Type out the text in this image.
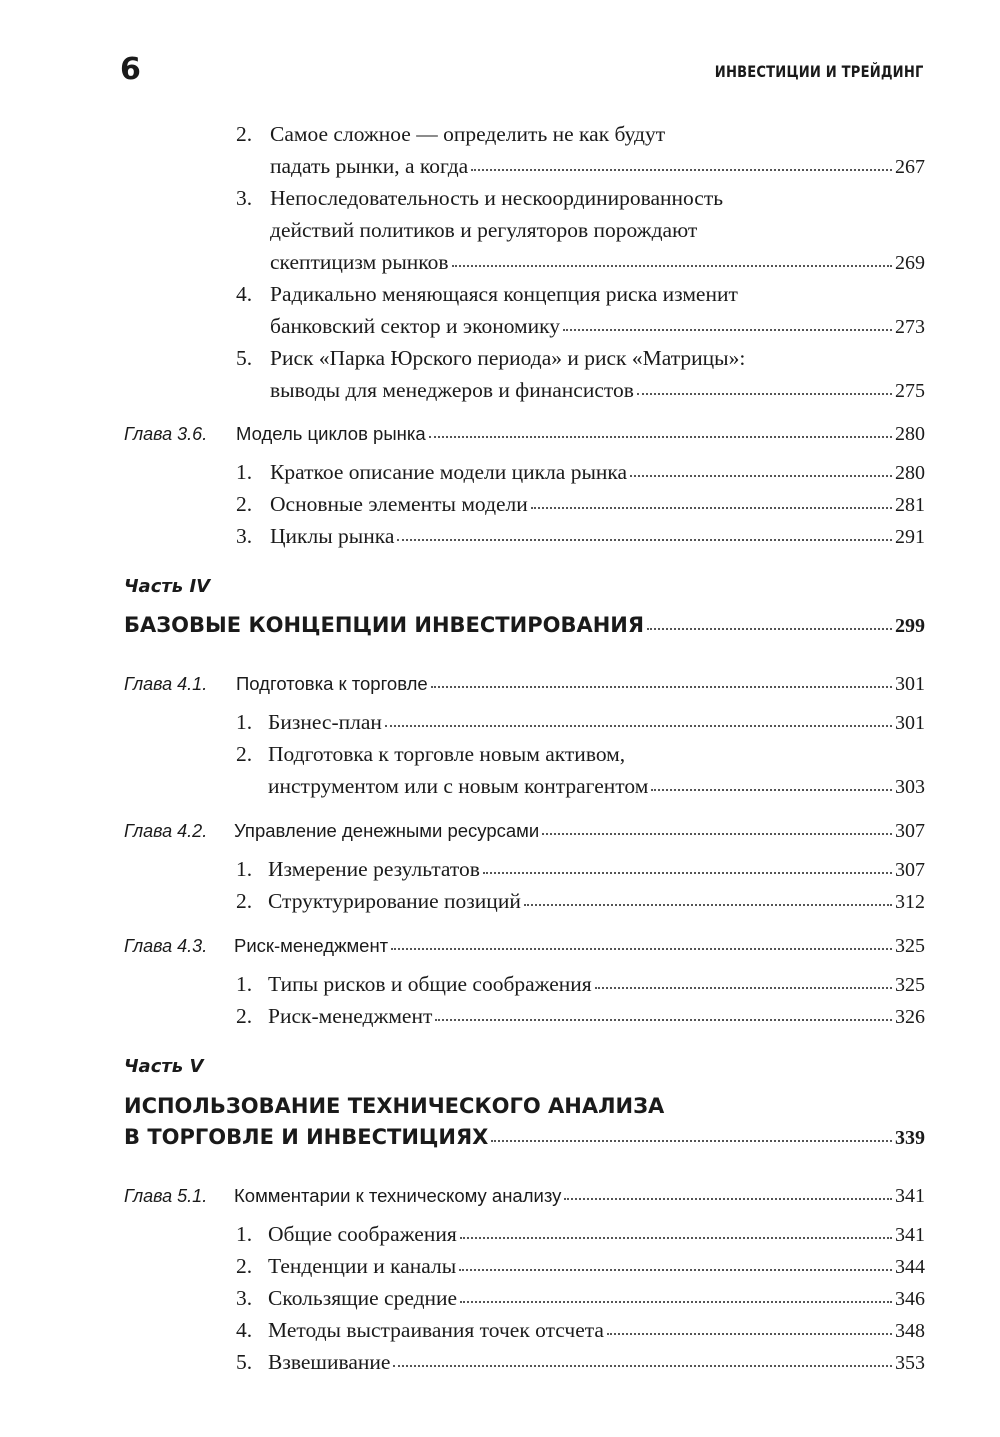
6	ИНВЕСТИЦИИ И ТРЕЙДИНГ
2. Самое сложное — определить не как будут
падать рынки, а когда	267
3. Непоследовательность и нескоординированность
действий политиков и регуляторов порождают
скептицизм рынков	269
4. Радикально меняющаяся концепция риска изменит
банковский сектор и экономику	273
5. Риск «Парка Юрского периода» и риск «Матрицы»:
выводы для менеджеров и финансистов	275
Глава 3.6. Модель циклов рынка	280
1. Краткое описание модели цикла рынка	280
2. Основные элементы модели	281
3. Циклы рынка	291
Часть IV
БАЗОВЫЕ КОНЦЕПЦИИ ИНВЕСТИРОВАНИЯ	299
Глава 4.1. Подготовка к торговле	301
1. Бизнес-план	301
2. Подготовка к торговле новым активом,
инструментом или с новым контрагентом	303
Глава 4.2. Управление денежными ресурсами	307
1. Измерение результатов	307
2. Структурирование позиций	312
Глава 4.3. Риск-менеджмент	325
1. Типы рисков и общие соображения	325
2. Риск-менеджмент	326
Часть V
ИСПОЛЬЗОВАНИЕ ТЕХНИЧЕСКОГО АНАЛИЗА
В ТОРГОВЛЕ И ИНВЕСТИЦИЯХ	339
Глава 5.1. Комментарии к техническому анализу	341
1. Общие соображения	341
2. Тенденции и каналы	344
3. Скользящие средние	346
4. Методы выстраивания точек отсчета	348
5. Взвешивание	353
